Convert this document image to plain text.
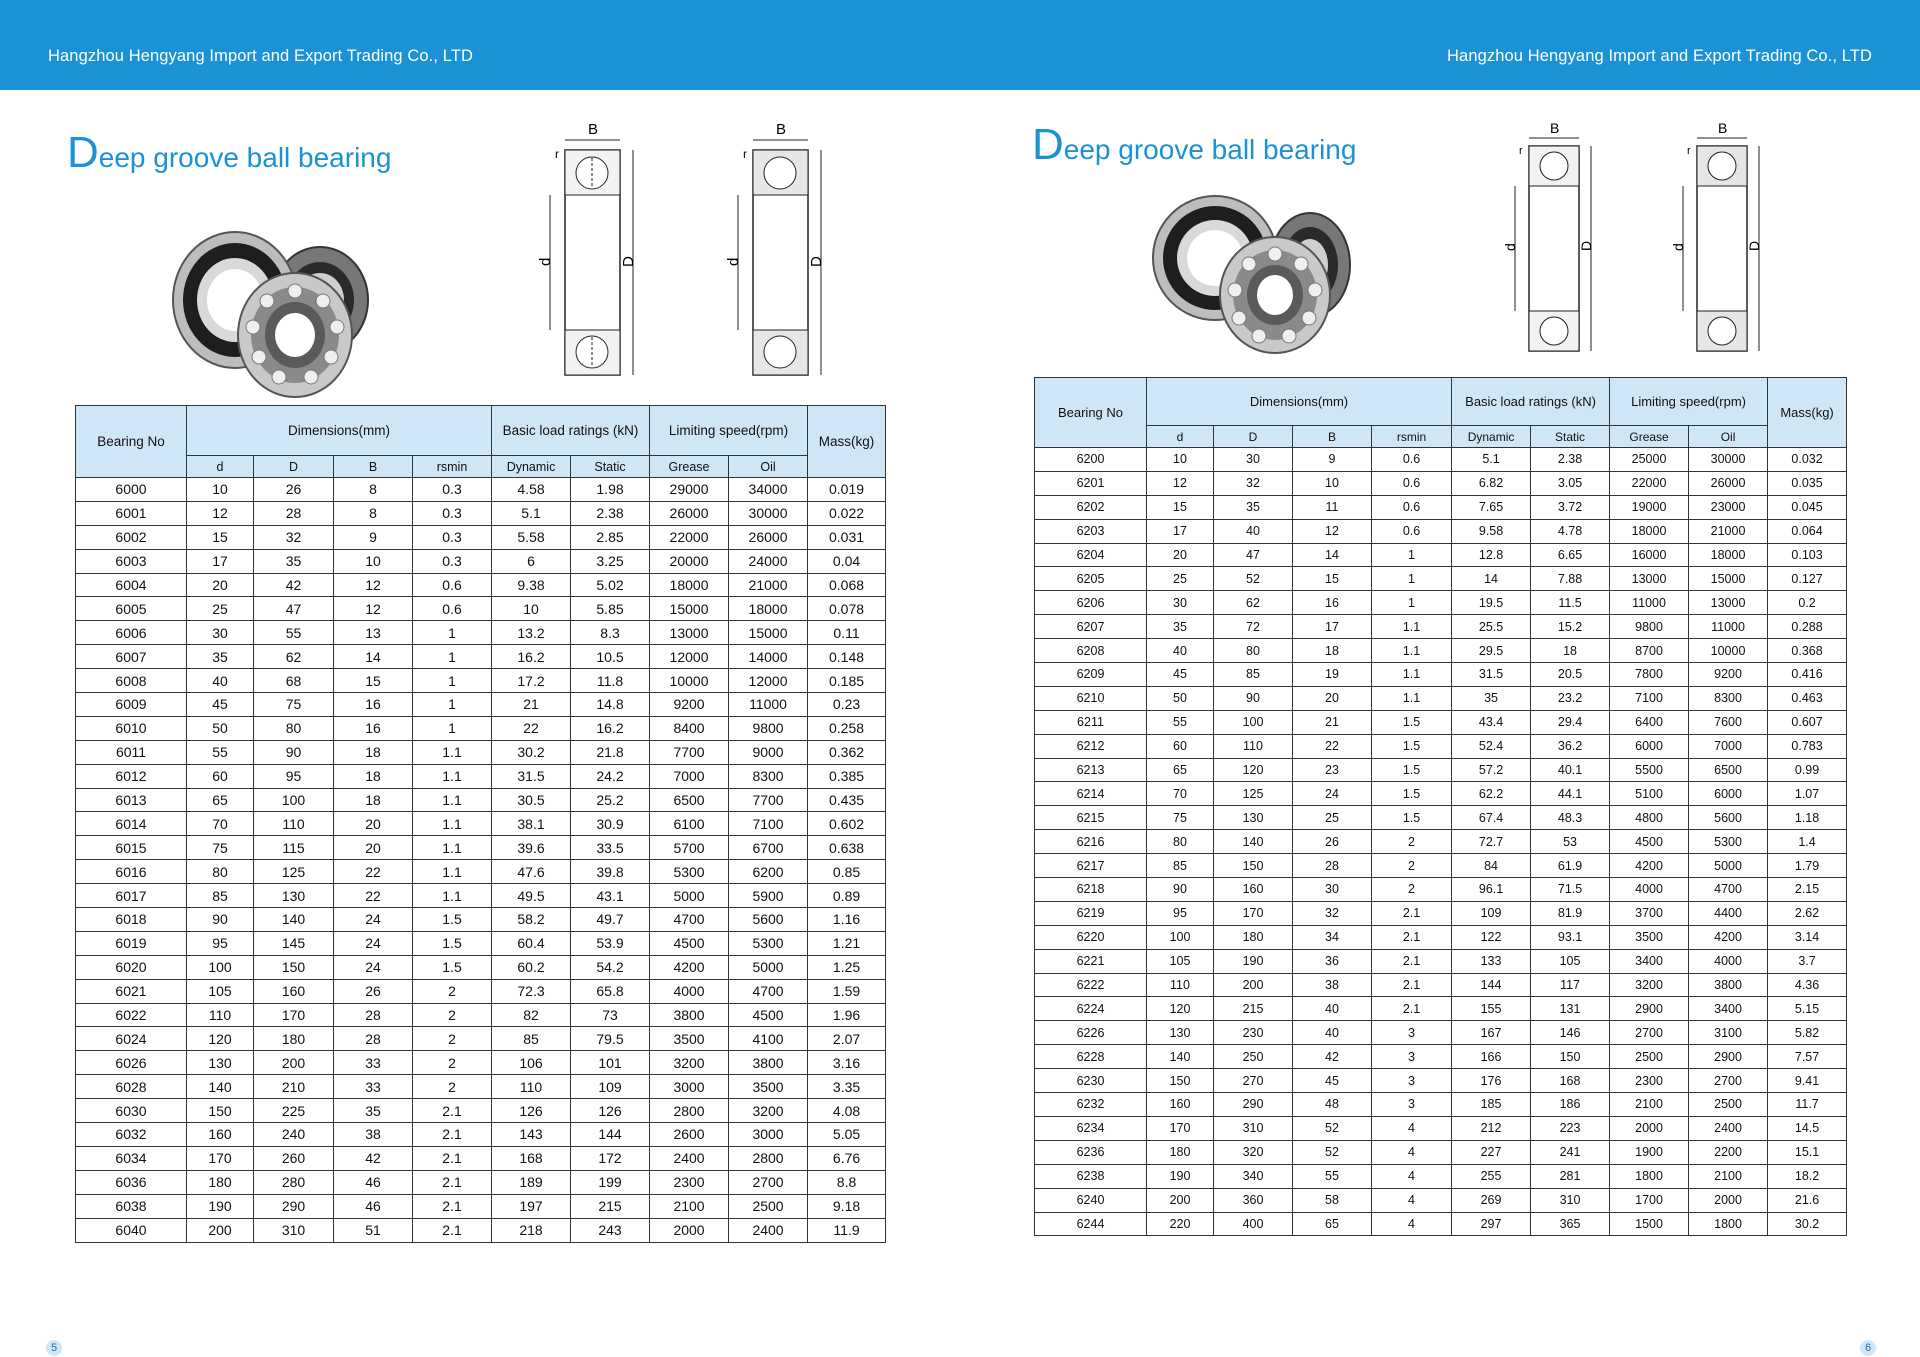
Hangzhou Hengyang Import and Export Trading Co., LTD	Hangzhou Hengyang Import and Export Trading Co., LTD
Deep groove ball bearing
B
d	D
r
B
d	D
r
Bearing No	Dimensions(mm)				Basic load ratings (kN)		Limiting speed(rpm)		Mass(kg)
	d	D	B	rsmin	Dynamic	Static	Grease	Oil	
6000	10	26	8	0.3	4.58	1.98	29000	34000	0.019
6001	12	28	8	0.3	5.1	2.38	26000	30000	0.022
6002	15	32	9	0.3	5.58	2.85	22000	26000	0.031
6003	17	35	10	0.3	6	3.25	20000	24000	0.04
6004	20	42	12	0.6	9.38	5.02	18000	21000	0.068
6005	25	47	12	0.6	10	5.85	15000	18000	0.078
6006	30	55	13	1	13.2	8.3	13000	15000	0.11
6007	35	62	14	1	16.2	10.5	12000	14000	0.148
6008	40	68	15	1	17.2	11.8	10000	12000	0.185
6009	45	75	16	1	21	14.8	9200	11000	0.23
6010	50	80	16	1	22	16.2	8400	9800	0.258
6011	55	90	18	1.1	30.2	21.8	7700	9000	0.362
6012	60	95	18	1.1	31.5	24.2	7000	8300	0.385
6013	65	100	18	1.1	30.5	25.2	6500	7700	0.435
6014	70	110	20	1.1	38.1	30.9	6100	7100	0.602
6015	75	115	20	1.1	39.6	33.5	5700	6700	0.638
6016	80	125	22	1.1	47.6	39.8	5300	6200	0.85
6017	85	130	22	1.1	49.5	43.1	5000	5900	0.89
6018	90	140	24	1.5	58.2	49.7	4700	5600	1.16
6019	95	145	24	1.5	60.4	53.9	4500	5300	1.21
6020	100	150	24	1.5	60.2	54.2	4200	5000	1.25
6021	105	160	26	2	72.3	65.8	4000	4700	1.59
6022	110	170	28	2	82	73	3800	4500	1.96
6024	120	180	28	2	85	79.5	3500	4100	2.07
6026	130	200	33	2	106	101	3200	3800	3.16
6028	140	210	33	2	110	109	3000	3500	3.35
6030	150	225	35	2.1	126	126	2800	3200	4.08
6032	160	240	38	2.1	143	144	2600	3000	5.05
6034	170	260	42	2.1	168	172	2400	2800	6.76
6036	180	280	46	2.1	189	199	2300	2700	8.8
6038	190	290	46	2.1	197	215	2100	2500	9.18
6040	200	310	51	2.1	218	243	2000	2400	11.9
5
Deep groove ball bearing
B
d	D
r
B
d	D
r
Bearing No	Dimensions(mm)				Basic load ratings (kN)		Limiting speed(rpm)		Mass(kg)
	d	D	B	rsmin	Dynamic	Static	Grease	Oil	
6200	10	30	9	0.6	5.1	2.38	25000	30000	0.032
6201	12	32	10	0.6	6.82	3.05	22000	26000	0.035
6202	15	35	11	0.6	7.65	3.72	19000	23000	0.045
6203	17	40	12	0.6	9.58	4.78	18000	21000	0.064
6204	20	47	14	1	12.8	6.65	16000	18000	0.103
6205	25	52	15	1	14	7.88	13000	15000	0.127
6206	30	62	16	1	19.5	11.5	11000	13000	0.2
6207	35	72	17	1.1	25.5	15.2	9800	11000	0.288
6208	40	80	18	1.1	29.5	18	8700	10000	0.368
6209	45	85	19	1.1	31.5	20.5	7800	9200	0.416
6210	50	90	20	1.1	35	23.2	7100	8300	0.463
6211	55	100	21	1.5	43.4	29.4	6400	7600	0.607
6212	60	110	22	1.5	52.4	36.2	6000	7000	0.783
6213	65	120	23	1.5	57.2	40.1	5500	6500	0.99
6214	70	125	24	1.5	62.2	44.1	5100	6000	1.07
6215	75	130	25	1.5	67.4	48.3	4800	5600	1.18
6216	80	140	26	2	72.7	53	4500	5300	1.4
6217	85	150	28	2	84	61.9	4200	5000	1.79
6218	90	160	30	2	96.1	71.5	4000	4700	2.15
6219	95	170	32	2.1	109	81.9	3700	4400	2.62
6220	100	180	34	2.1	122	93.1	3500	4200	3.14
6221	105	190	36	2.1	133	105	3400	4000	3.7
6222	110	200	38	2.1	144	117	3200	3800	4.36
6224	120	215	40	2.1	155	131	2900	3400	5.15
6226	130	230	40	3	167	146	2700	3100	5.82
6228	140	250	42	3	166	150	2500	2900	7.57
6230	150	270	45	3	176	168	2300	2700	9.41
6232	160	290	48	3	185	186	2100	2500	11.7
6234	170	310	52	4	212	223	2000	2400	14.5
6236	180	320	52	4	227	241	1900	2200	15.1
6238	190	340	55	4	255	281	1800	2100	18.2
6240	200	360	58	4	269	310	1700	2000	21.6
6244	220	400	65	4	297	365	1500	1800	30.2
6
